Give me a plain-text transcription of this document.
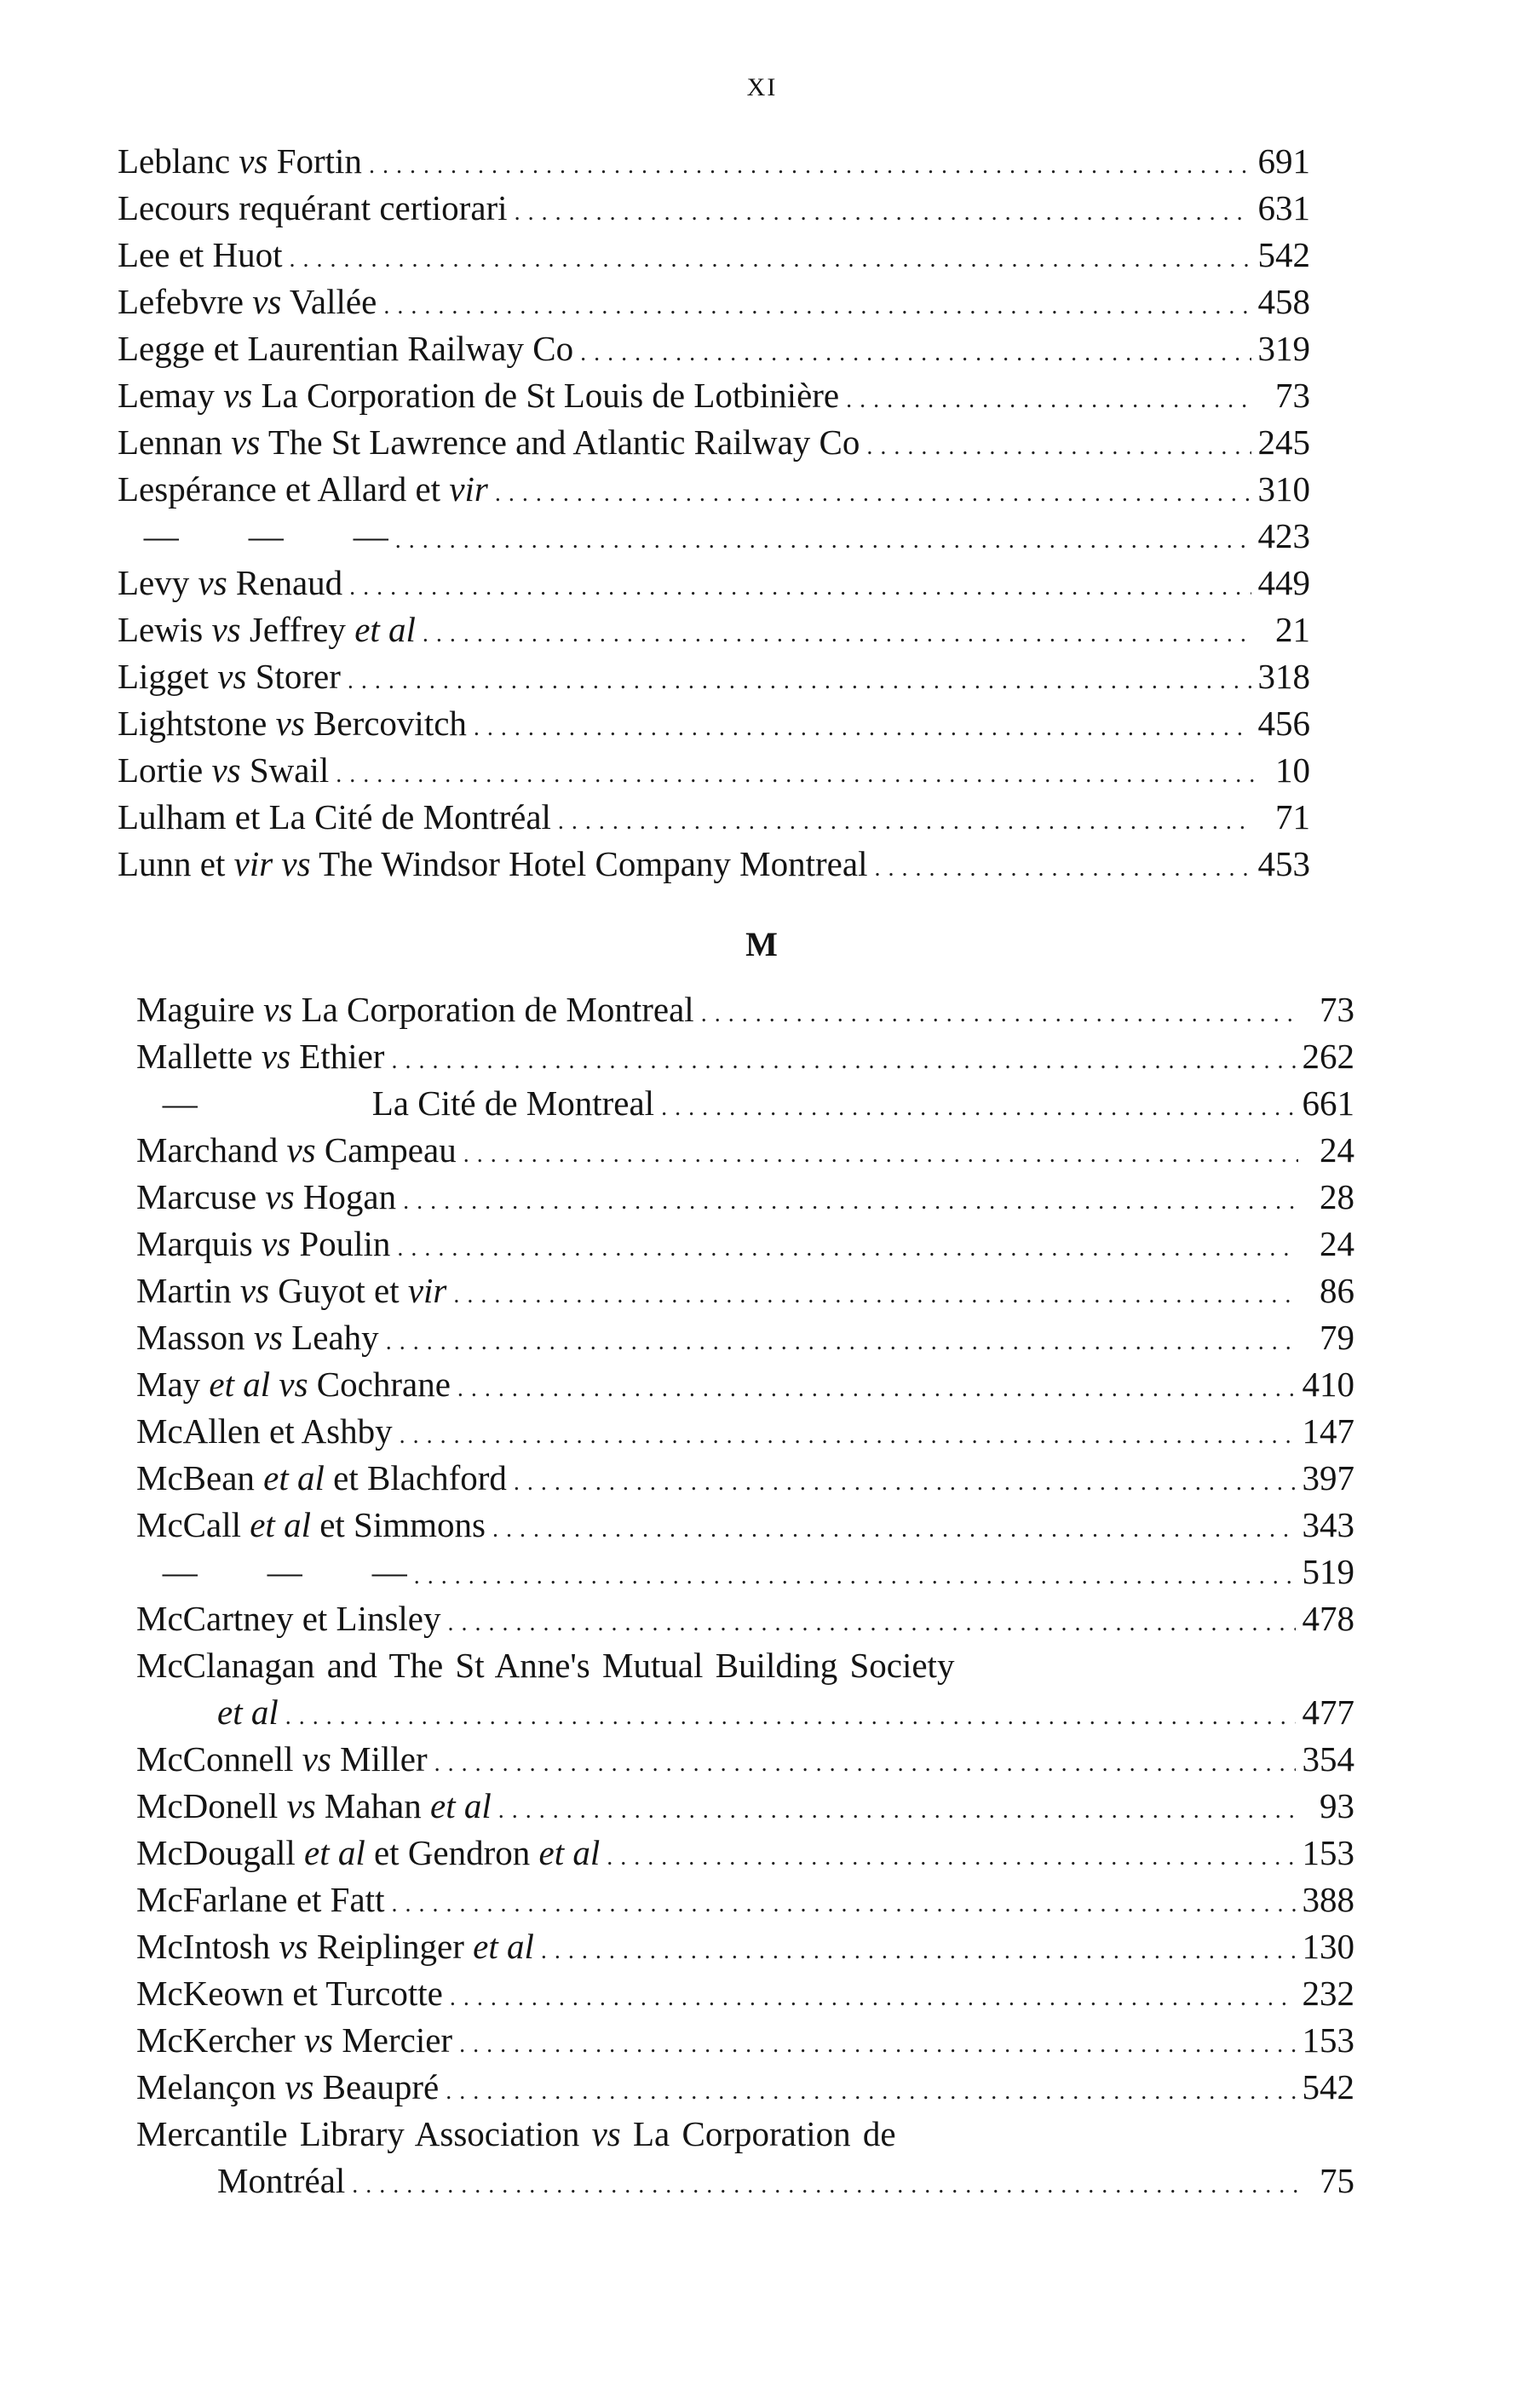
XI
Leblanc vs Fortin .....	691
Lecours requérant certiorari .....	631
Lee et Huot .....	542
Lefebvre vs Vallée .....	458
Legge et Laurentian Railway Co .....	319
Lemay vs La Corporation de St Louis de Lotbinière .....	73
Lennan vs The St Lawrence and Atlantic Railway Co .....	245
Lespérance et Allard et vir .....	310
—        —        — .....	423
Levy vs Renaud .....	449
Lewis vs Jeffrey et al .....	21
Ligget vs Storer .....	318
Lightstone vs Bercovitch .....	456
Lortie vs Swail .....	10
Lulham et La Cité de Montréal .....	71
Lunn et vir vs The Windsor Hotel Company Montreal .....	453
M
Maguire vs La Corporation de Montreal .....	73
Mallette vs Ethier .....	262
—                    La Cité de Montreal .....	661
Marchand vs Campeau .....	24
Marcuse vs Hogan .....	28
Marquis vs Poulin .....	24
Martin vs Guyot et vir .....	86
Masson vs Leahy .....	79
May et al vs Cochrane .....	410
McAllen et Ashby .....	147
McBean et al et Blachford .....	397
McCall et al et Simmons .....	343
—        —        — .....	519
McCartney et Linsley .....	478
McClanagan and The St Anne's Mutual Building Society
et al .....	477
McConnell vs Miller .....	354
McDonell vs Mahan et al .....	93
McDougall et al et Gendron et al .....	153
McFarlane et Fatt .....	388
McIntosh vs Reiplinger et al .....	130
McKeown et Turcotte .....	232
McKercher vs Mercier .....	153
Melançon vs Beaupré .....	542
Mercantile Library Association vs La Corporation de
Montréal .....	75
